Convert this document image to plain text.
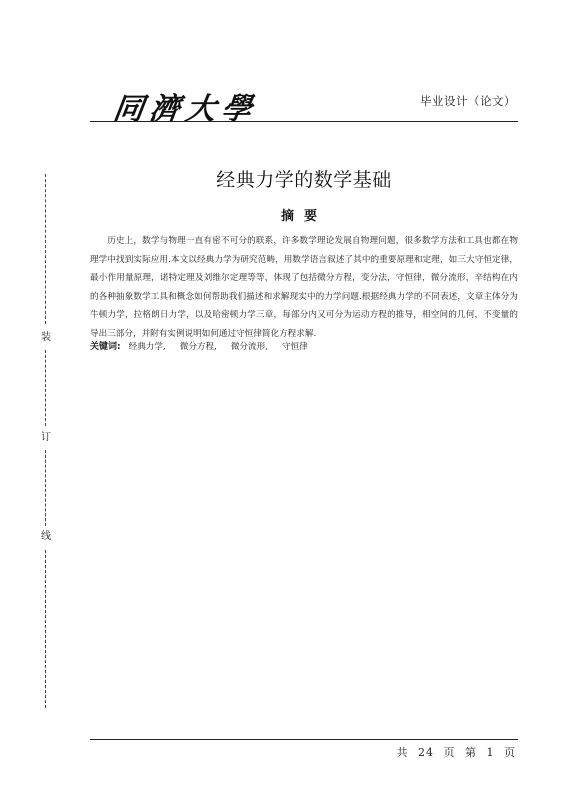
同濟大學	毕业设计（论文）
装
订
线
经典力学的数学基础
摘要

历史上，数学与物理一直有密不可分的联系，许多数学理论发展自物理问题，很多数学方法和工具也都在物理学中找到实际应用.本文以经典力学为研究范畴，用数学语言叙述了其中的重要原理和定理，如三大守恒定律，最小作用量原理，诺特定理及刘维尔定理等等，体现了包括微分方程，变分法，守恒律，微分流形，辛结构在内的各种抽象数学工具和概念如何帮助我们描述和求解现实中的力学问题.根据经典力学的不同表述，文章主体分为牛顿力学，拉格朗日力学，以及哈密顿力学三章，每部分内又可分为运动方程的推导，相空间的几何，不变量的导出三部分，并附有实例说明如何通过守恒律简化方程求解.

关键词: 经典力学, 微分方程, 微分流形, 守恒律
共 24 页 第 1 页
